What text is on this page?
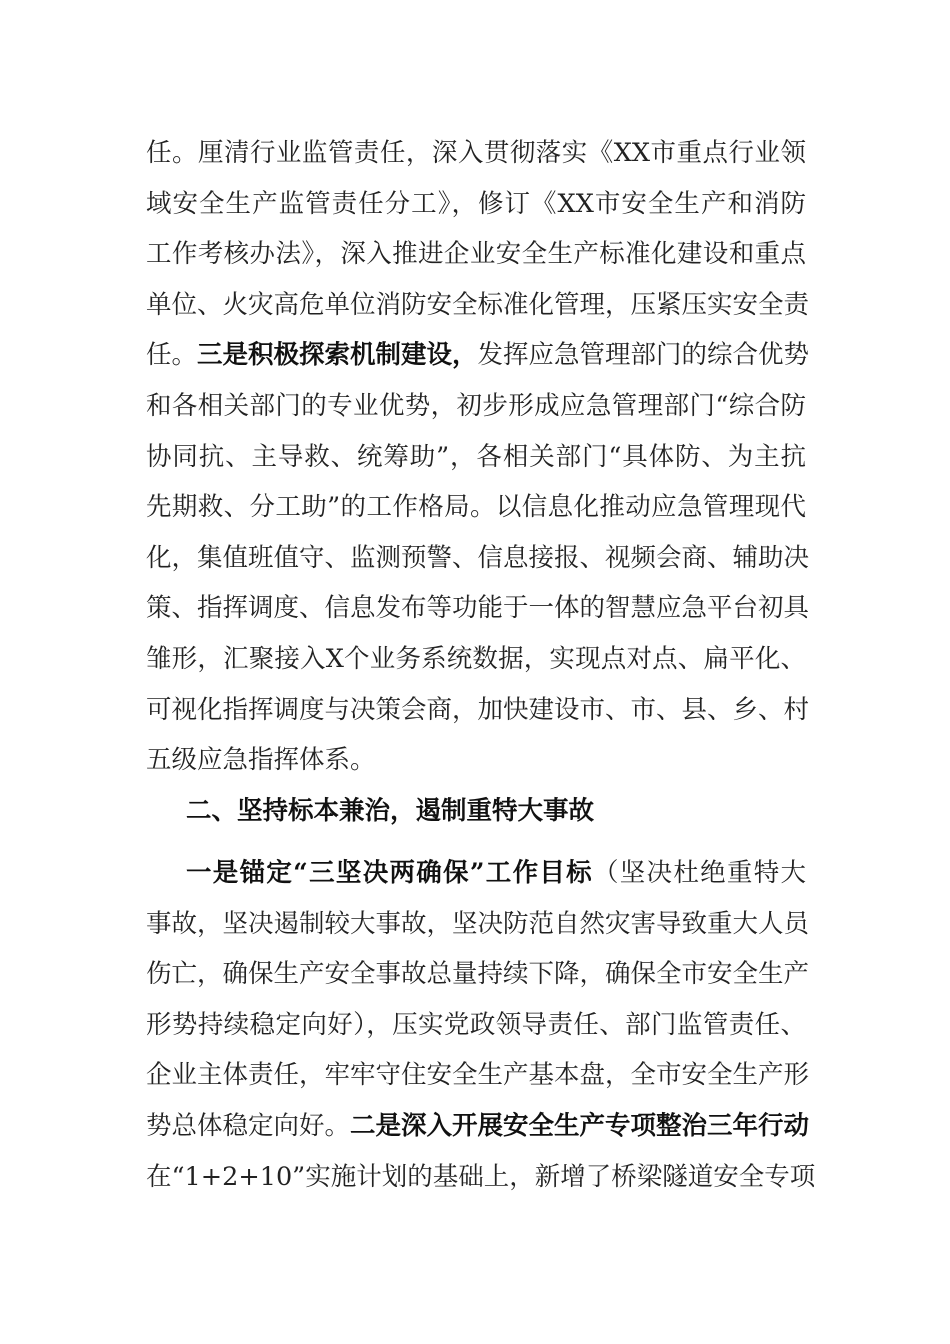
任。厘清行业监管责任，深入贯彻落实《XX市重点行业领
域安全生产监管责任分工》，修订《XX市安全生产和消防
工作考核办法》，深入推进企业安全生产标准化建设和重点
单位、火灾高危单位消防安全标准化管理，压紧压实安全责
任。三是积极探索机制建设，发挥应急管理部门的综合优势
和各相关部门的专业优势，初步形成应急管理部门“综合防
协同抗、主导救、统筹助”，各相关部门“具体防、为主抗
先期救、分工助”的工作格局。以信息化推动应急管理现代
化，集值班值守、监测预警、信息接报、视频会商、辅助决
策、指挥调度、信息发布等功能于一体的智慧应急平台初具
雏形，汇聚接入X个业务系统数据，实现点对点、扁平化、
可视化指挥调度与决策会商，加快建设市、市、县、乡、村
五级应急指挥体系。
二、坚持标本兼治，遏制重特大事故
一是锚定“三坚决两确保”工作目标（坚决杜绝重特大
事故，坚决遏制较大事故，坚决防范自然灾害导致重大人员
伤亡，确保生产安全事故总量持续下降，确保全市安全生产
形势持续稳定向好），压实党政领导责任、部门监管责任、
企业主体责任，牢牢守住安全生产基本盘，全市安全生产形
势总体稳定向好。二是深入开展安全生产专项整治三年行动
在“1+2+10”实施计划的基础上，新增了桥梁隧道安全专项
